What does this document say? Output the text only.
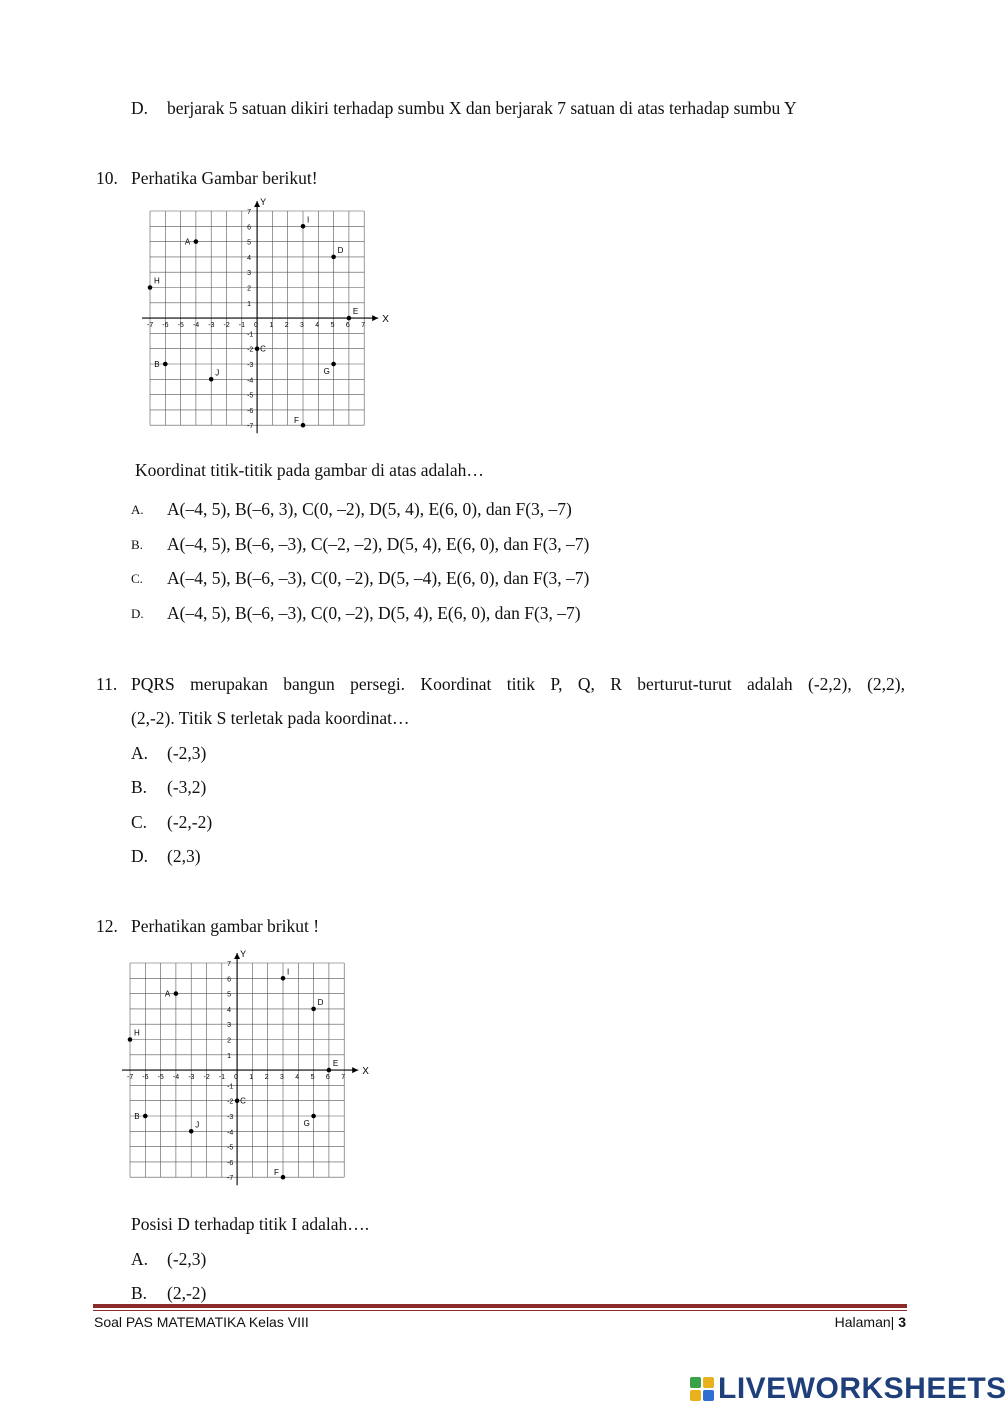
D. berjarak 5 satuan dikiri terhadap sumbu X dan berjarak 7 satuan di atas terhadap sumbu Y
10. Perhatika Gambar berikut!
X
Y
-7 -6 -5 -4 -3 -2 -1 0 1 2 3 4 5 6 7
7
6
5
4
3
2
1
-1
-2
-3
-4
-5
-6
-7
A
B
C
D
E
F
G
H
I
J
Koordinat titik-titik pada gambar di atas adalah…
A. A(–4, 5), B(–6, 3), C(0, –2), D(5, 4), E(6, 0), dan F(3, –7)
B. A(–4, 5), B(–6, –3), C(–2, –2), D(5, 4), E(6, 0), dan F(3, –7)
C. A(–4, 5), B(–6, –3), C(0, –2), D(5, –4), E(6, 0), dan F(3, –7)
D. A(–4, 5), B(–6, –3), C(0, –2), D(5, 4), E(6, 0), dan F(3, –7)
11. PQRS merupakan bangun persegi. Koordinat titik P, Q, R berturut-turut adalah (-2,2), (2,2),
(2,-2). Titik S terletak pada koordinat…
A. (-2,3)
B. (-3,2)
C. (-2,-2)
D. (2,3)
12. Perhatikan gambar brikut !
X
Y
-7 -6 -5 -4 -3 -2 -1 0 1 2 3 4 5 6 7
7
6
5
4
3
2
1
-1
-2
-3
-4
-5
-6
-7
A
B
C
D
E
F
G
H
I
J
Posisi D terhadap titik I adalah….
A. (-2,3)
B. (2,-2)
Soal PAS MATEMATIKA Kelas VIII	Halaman| 3
LIVEWORKSHEETS
